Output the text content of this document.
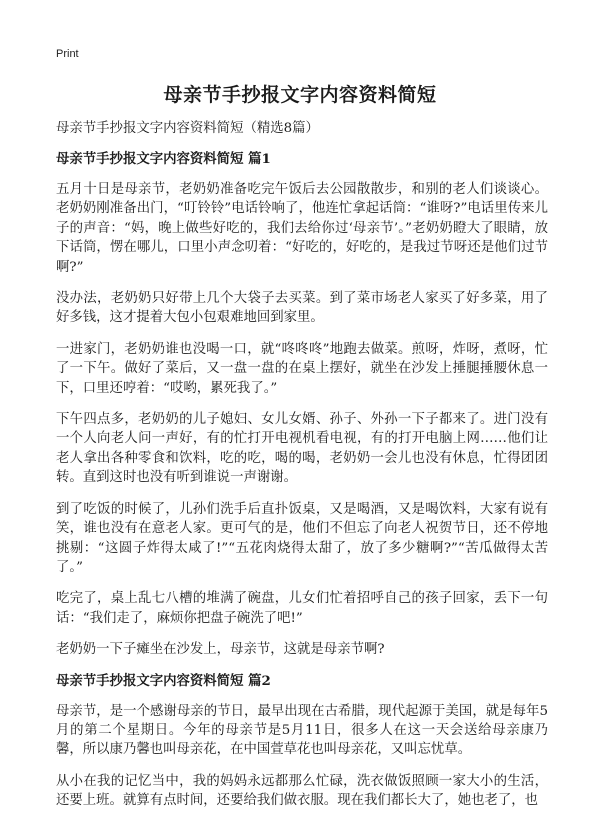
Print
母亲节手抄报文字内容资料简短
母亲节手抄报文字内容资料简短（精选8篇）
母亲节手抄报文字内容资料简短 篇1
五月十日是母亲节，老奶奶准备吃完午饭后去公园散散步，和别的老人们谈谈心。老奶奶刚准备出门，“叮铃铃”电话铃响了，他连忙拿起话筒：“谁呀?”电话里传来儿子的声音：“妈，晚上做些好吃的，我们去给你过‘母亲节’。”老奶奶瞪大了眼睛，放下话筒，愣在哪儿，口里小声念叨着：“好吃的，好吃的，是我过节呀还是他们过节啊?”
没办法，老奶奶只好带上几个大袋子去买菜。到了菜市场老人家买了好多菜，用了好多钱，这才提着大包小包艰难地回到家里。
一进家门，老奶奶谁也没喝一口，就“咚咚咚”地跑去做菜。煎呀，炸呀，煮呀，忙了一下午。做好了菜后，又一盘一盘的在桌上摆好，就坐在沙发上捶腿捶腰休息一下，口里还哼着：“哎哟，累死我了。”
下午四点多，老奶奶的儿子媳妇、女儿女婿、孙子、外孙一下子都来了。进门没有一个人向老人问一声好，有的忙打开电视机看电视，有的打开电脑上网……他们让老人拿出各种零食和饮料，吃的吃，喝的喝，老奶奶一会儿也没有休息，忙得团团转。直到这时也没有听到谁说一声谢谢。
到了吃饭的时候了，儿孙们洗手后直扑饭桌，又是喝酒，又是喝饮料，大家有说有笑，谁也没有在意老人家。更可气的是，他们不但忘了向老人祝贺节日，还不停地挑剔：“这圆子炸得太咸了!”“五花肉烧得太甜了，放了多少糖啊?”“苦瓜做得太苦了。”
吃完了，桌上乱七八槽的堆满了碗盘，儿女们忙着招呼自己的孩子回家，丢下一句话：“我们走了，麻烦你把盘子碗洗了吧!”
老奶奶一下子瘫坐在沙发上，母亲节，这就是母亲节啊?
母亲节手抄报文字内容资料简短 篇2
母亲节，是一个感谢母亲的节日，最早出现在古希腊，现代起源于美国，就是每年5月的第二个星期日。今年的母亲节是5月11日，很多人在这一天会送给母亲康乃馨，所以康乃馨也叫母亲花，在中国萱草花也叫母亲花，又叫忘忧草。
从小在我的记忆当中，我的妈妈永远都那么忙碌，洗衣做饭照顾一家大小的生活，还要上班。就算有点时间，还要给我们做衣服。现在我们都长大了，她也老了，也
